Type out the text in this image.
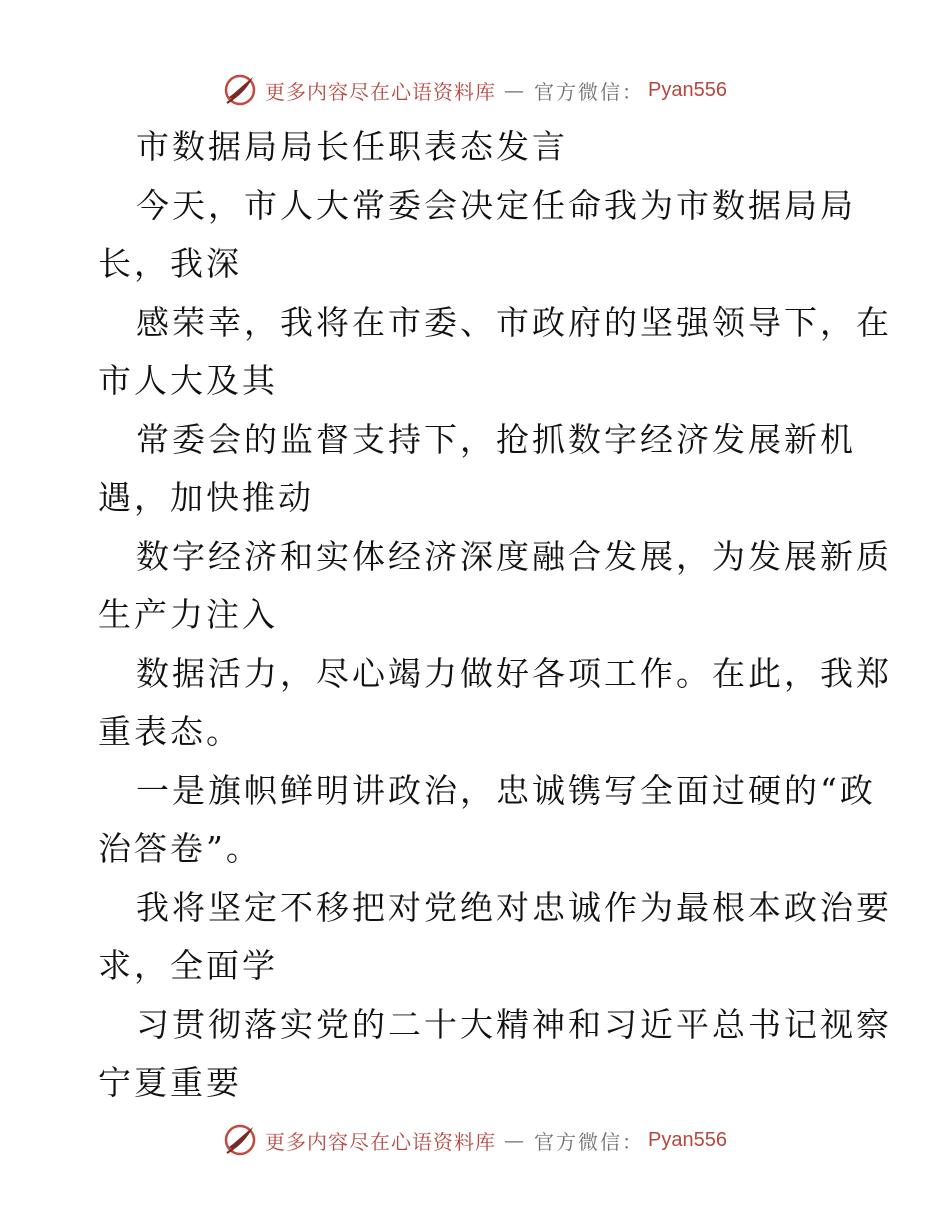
更多内容尽在心语资料库 — 官方微信： Pyan556

市数据局局长任职表态发言

今天，市人大常委会决定任命我为市数据局局

长，我深

感荣幸，我将在市委、市政府的坚强领导下，在

市人大及其

常委会的监督支持下，抢抓数字经济发展新机

遇，加快推动

数字经济和实体经济深度融合发展，为发展新质

生产力注入

数据活力，尽心竭力做好各项工作。在此，我郑

重表态。

一是旗帜鲜明讲政治，忠诚镌写全面过硬的“政

治答卷”。

我将坚定不移把对党绝对忠诚作为最根本政治要

求，全面学

习贯彻落实党的二十大精神和习近平总书记视察

宁夏重要

更多内容尽在心语资料库 — 官方微信： Pyan556
